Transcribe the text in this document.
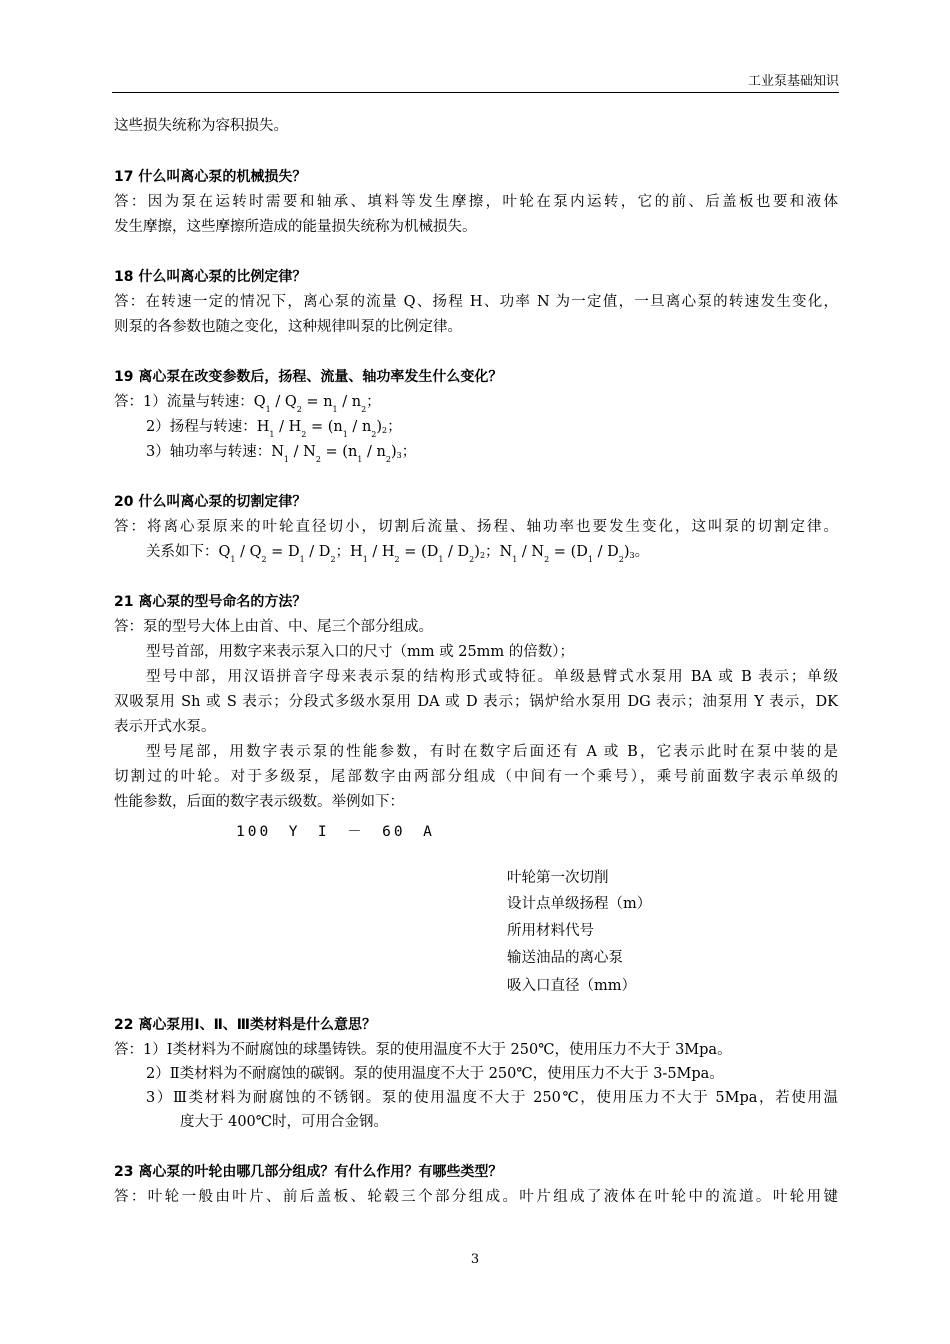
工业泵基础知识
这些损失统称为容积损失。
17 什么叫离心泵的机械损失？
答：因为泵在运转时需要和轴承、填料等发生摩擦，叶轮在泵内运转，它的前、后盖板也要和液体
发生摩擦，这些摩擦所造成的能量损失统称为机械损失。
18 什么叫离心泵的比例定律？
答：在转速一定的情况下，离心泵的流量 Q、扬程 H、功率 N 为一定值，一旦离心泵的转速发生变化，
则泵的各参数也随之变化，这种规律叫泵的比例定律。
19 离心泵在改变参数后，扬程、流量、轴功率发生什么变化？
答：1）流量与转速：$Q_1 / Q_2 = n_1 / n_2$；
2）扬程与转速：$H_1 / H_2 = (n_1 / n_2)^2$；
3）轴功率与转速：$N_1 / N_2 = (n_1 / n_2)^3$；
20 什么叫离心泵的切割定律？
答：将离心泵原来的叶轮直径切小，切割后流量、扬程、轴功率也要发生变化，这叫泵的切割定律。
关系如下：$Q_1 / Q_2 = D_1 / D_2$；$H_1 / H_2 = (D_1 / D_2)^2$；$N_1 / N_2 = (D_1 / D_2)^3$。
21 离心泵的型号命名的方法？
答：泵的型号大体上由首、中、尾三个部分组成。
型号首部，用数字来表示泵入口的尺寸（mm 或 25mm 的倍数）；
型号中部，用汉语拼音字母来表示泵的结构形式或特征。单级悬臂式水泵用 BA 或 B 表示；单级
双吸泵用 Sh 或 S 表示；分段式多级水泵用 DA 或 D 表示；锅炉给水泵用 DG 表示；油泵用 Y 表示，DK
表示开式水泵。
型号尾部，用数字表示泵的性能参数，有时在数字后面还有 A 或 B，它表示此时在泵中装的是
切割过的叶轮。对于多级泵，尾部数字由两部分组成（中间有一个乘号），乘号前面数字表示单级的
性能参数，后面的数字表示级数。举例如下：
100　Y　I　－　60　A
叶轮第一次切削
设计点单级扬程（m）
所用材料代号
输送油品的离心泵
吸入口直径（mm）
22 离心泵用Ⅰ、Ⅱ、Ⅲ类材料是什么意思？
答：1）Ⅰ类材料为不耐腐蚀的球墨铸铁。泵的使用温度不大于 250℃，使用压力不大于 3Mpa。
2）Ⅱ类材料为不耐腐蚀的碳钢。泵的使用温度不大于 250℃，使用压力不大于 3-5Mpa。
3）Ⅲ类材料为耐腐蚀的不锈钢。泵的使用温度不大于 250℃，使用压力不大于 5Mpa，若使用温
度大于 400℃时，可用合金钢。
23 离心泵的叶轮由哪几部分组成？有什么作用？有哪些类型？
答：叶轮一般由叶片、前后盖板、轮毂三个部分组成。叶片组成了液体在叶轮中的流道。叶轮用键
3
